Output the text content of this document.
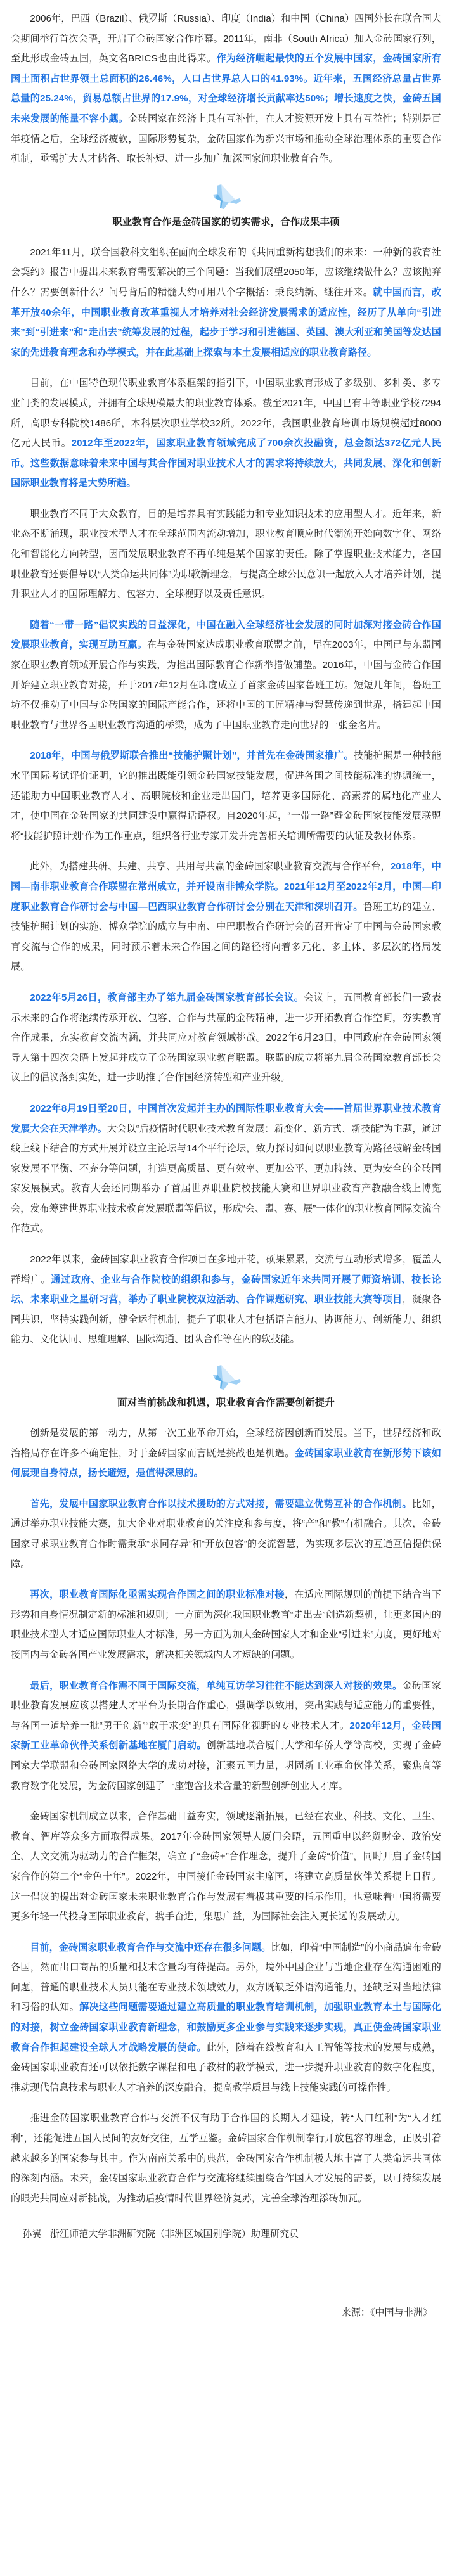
2006年，巴西（Brazil）、俄罗斯（Russia）、印度（India）和中国（China）四国外长在联合国大会期间举行首次会晤，开启了金砖国家合作序幕。2011年，南非（South Africa）加入金砖国家行列，至此形成金砖五国，英文名BRICS也由此得来。作为经济崛起最快的五个发展中国家，金砖国家所有国土面积占世界领土总面积的26.46%，人口占世界总人口的41.93%。近年来，五国经济总量占世界总量的25.24%，贸易总额占世界的17.9%，对全球经济增长贡献率达50%；增长速度之快，金砖五国未来发展的能量不容小觑。金砖国家在经济上具有互补性，在人才资源开发上具有互益性；特别是百年疫情之后，全球经济疲软，国际形势复杂，金砖国家作为新兴市场和推动全球治理体系的重要合作机制，亟需扩大人才储备、取长补短、进一步加广加深国家间职业教育合作。

职业教育合作是金砖国家的切实需求，合作成果丰硕

2021年11月，联合国教科文组织在面向全球发布的《共同重新构想我们的未来：一种新的教育社会契约》报告中提出未来教育需要解决的三个问题：当我们展望2050年，应该继续做什么？应该抛弃什么？需要创新什么？问号背后的精髓大约可用八个字概括：秉良纳新、继往开来。就中国而言，改革开放40余年，中国职业教育改革重视人才培养对社会经济发展需求的适应性，经历了从单向“引进来”到“引进来”和“走出去”统筹发展的过程，起步于学习和引进德国、英国、澳大利亚和美国等发达国家的先进教育理念和办学模式，并在此基础上探索与本土发展相适应的职业教育路径。

目前，在中国特色现代职业教育体系框架的指引下，中国职业教育形成了多级别、多种类、多专业门类的发展模式，并拥有全球规模最大的职业教育体系。截至2021年，中国已有中等职业学校7294所，高职专科院校1486所，本科层次职业学校32所。2022年，我国职业教育培训市场规模超过8000亿元人民币。2012年至2022年，国家职业教育领域完成了700余次投融资，总金额达372亿元人民币。这些数据意味着未来中国与其合作国对职业技术人才的需求将持续放大，共同发展、深化和创新国际职业教育将是大势所趋。

职业教育不同于大众教育，目的是培养具有实践能力和专业知识技术的应用型人才。近年来，新业态不断涌现，职业技术型人才在全球范围内流动增加，职业教育顺应时代潮流开始向数字化、网络化和智能化方向转型，因而发展职业教育不再单纯是某个国家的责任。除了掌握职业技术能力，各国职业教育还要倡导以“人类命运共同体”为职教新理念，与提高全球公民意识一起放入人才培养计划，提升职业人才的国际理解力、包容力、全球视野以及责任意识。

随着“一带一路”倡议实践的日益深化，中国在融入全球经济社会发展的同时加深对接金砖合作国发展职业教育，实现互助互赢。在与金砖国家达成职业教育联盟之前，早在2003年，中国已与东盟国家在职业教育领域开展合作与实践，为推出国际教育合作新举措做铺垫。2016年，中国与金砖合作国开始建立职业教育对接，并于2017年12月在印度成立了首家金砖国家鲁班工坊。短短几年间，鲁班工坊不仅推动了中国与金砖国家的国际产能合作，还将中国的工匠精神与智慧传递到世界，搭建起中国职业教育与世界各国职业教育沟通的桥梁，成为了中国职业教育走向世界的一张金名片。

2018年，中国与俄罗斯联合推出“技能护照计划”，并首先在金砖国家推广。技能护照是一种技能水平国际考试评价证明，它的推出既能引领金砖国家技能发展，促进各国之间技能标准的协调统一，还能助力中国职业教育人才、高职院校和企业走出国门，培养更多国际化、高素养的属地化产业人才，使中国在金砖国家的共同建设中赢得话语权。自2020年起，“一带一路”暨金砖国家技能发展联盟将“技能护照计划”作为工作重点，组织各行业专家开发并完善相关培训所需要的认证及教材体系。

此外，为搭建共研、共建、共享、共用与共赢的金砖国家职业教育交流与合作平台，2018年，中国—南非职业教育合作联盟在常州成立，并开设南非博众学院。2021年12月至2022年2月，中国—印度职业教育合作研讨会与中国—巴西职业教育合作研讨会分别在天津和深圳召开。鲁班工坊的建立、技能护照计划的实施、博众学院的成立与中南、中巴职教合作研讨会的召开肯定了中国与金砖国家教育交流与合作的成果，同时预示着未来合作国之间的路径将向着多元化、多主体、多层次的格局发展。

2022年5月26日，教育部主办了第九届金砖国家教育部长会议。会议上，五国教育部长们一致表示未来的合作将继续传承开放、包容、合作与共赢的金砖精神，进一步开拓教育合作空间，夯实教育合作成果，充实教育交流内涵，并共同应对教育领域挑战。2022年6月23日，中国政府在金砖国家领导人第十四次会晤上发起并成立了金砖国家职业教育联盟。联盟的成立将第九届金砖国家教育部长会议上的倡议落到实处，进一步助推了合作国经济转型和产业升级。

2022年8月19日至20日，中国首次发起并主办的国际性职业教育大会——首届世界职业技术教育发展大会在天津举办。大会以“后疫情时代职业技术教育发展：新变化、新方式、新技能”为主题，通过线上线下结合的方式开展并设立主论坛与14个平行论坛，致力探讨如何以职业教育为路径破解金砖国家发展不平衡、不充分等问题，打造更高质量、更有效率、更加公平、更加持续、更为安全的金砖国家发展模式。教育大会还同期举办了首届世界职业院校技能大赛和世界职业教育产教融合线上博览会，发布筹建世界职业技术教育发展联盟等倡议，形成“会、盟、赛、展”一体化的职业教育国际交流合作范式。

2022年以来，金砖国家职业教育合作项目在多地开花，硕果累累，交流与互动形式增多，覆盖人群增广。通过政府、企业与合作院校的组织和参与，金砖国家近年来共同开展了师资培训、校长论坛、未来职业之星研习营，举办了职业院校双边活动、合作课题研究、职业技能大赛等项目，凝聚各国共识，坚持实践创新，健全运行机制，提升了职业人才包括语言能力、协调能力、创新能力、组织能力、文化认同、思维理解、国际沟通、团队合作等在内的软技能。

面对当前挑战和机遇，职业教育合作需要创新提升

创新是发展的第一动力，从第一次工业革命开始，全球经济因创新而发展。当下，世界经济和政治格局存在许多不确定性，对于金砖国家而言既是挑战也是机遇。金砖国家职业教育在新形势下该如何展现自身特点，扬长避短，是值得深思的。

首先，发展中国家职业教育合作以技术援助的方式对接，需要建立优势互补的合作机制。比如，通过举办职业技能大赛，加大企业对职业教育的关注度和参与度，将“产”和“教”有机融合。其次，金砖国家寻求职业教育合作时需秉承“求同存异”和“开放包容”的交流智慧，为实现多层次的互通互信提供保障。

再次，职业教育国际化亟需实现合作国之间的职业标准对接，在适应国际规则的前提下结合当下形势和自身情况制定新的标准和规则；一方面为深化我国职业教育“走出去”创造新契机，让更多国内的职业技术型人才适应国际职业人才标准，另一方面为加大金砖国家人才和企业“引进来”力度，更好地对接国内与金砖各国产业发展需求，解决相关领域内人才短缺的问题。

最后，职业教育合作需不同于国际交流，单纯互访学习往往不能达到深入对接的效果。金砖国家职业教育发展应该以搭建人才平台为长期合作重心，强调学以致用，突出实践与适应能力的重要性，与各国一道培养一批“勇于创新”“敢于求变”的具有国际化视野的专业技术人才。2020年12月，金砖国家新工业革命伙伴关系创新基地在厦门启动。创新基地联合厦门大学和华侨大学等高校，实现了金砖国家大学联盟和金砖国家网络大学的成功对接，汇聚五国力量，巩固新工业革命伙伴关系，聚焦高等教育数字化发展，为金砖国家创建了一座饱含技术含量的新型创新创业人才库。

金砖国家机制成立以来，合作基础日益夯实，领域逐渐拓展，已经在农业、科技、文化、卫生、教育、智库等众多方面取得成果。2017年金砖国家领导人厦门会晤，五国重申以经贸财金、政治安全、人文交流为驱动力的合作框架，确立了“金砖+”合作理念，提升了金砖“价值”，同时开启了金砖国家合作的第二个“金色十年”。2022年，中国接任金砖国家主席国，将建立高质量伙伴关系提上日程。这一倡议的提出对金砖国家未来职业教育合作与发展有着极其重要的指示作用，也意味着中国将需要更多年轻一代投身国际职业教育，携手奋进，集思广益，为国际社会注入更长远的发展动力。

目前，金砖国家职业教育合作与交流中还存在很多问题。比如，印着“中国制造”的小商品遍布金砖各国，然而出口商品的质量和技术含量均有待提高。另外，境外中国企业与当地企业存在沟通困难的问题，普通的职业技术人员只能在专业技术领域效力，双方既缺乏外语沟通能力，还缺乏对当地法律和习俗的认知。解决这些问题需要通过建立高质量的职业教育培训机制，加强职业教育本土与国际化的对接，树立金砖国家职业教育新理念，和鼓励更多企业参与实践来逐步实现，真正使金砖国家职业教育合作担起建设全球人才战略发展的使命。此外，随着在线教育和人工智能等技术的发展与成熟，金砖国家职业教育还可以依托数字课程和电子教材的教学模式，进一步提升职业教育的数字化程度，推动现代信息技术与职业人才培养的深度融合，提高教学质量与线上技能实践的可操作性。

推进金砖国家职业教育合作与交流不仅有助于合作国的长期人才建设，转“人口红利”为“人才红利”，还能促进五国人民间的友好交往，互学互鉴。金砖国家合作机制奉行开放包容的理念，正吸引着越来越多的国家参与其中。作为南南关系中的典范，金砖国家合作机制极大地丰富了人类命运共同体的深刻内涵。未来，金砖国家职业教育合作与交流将继续围绕合作国人才发展的需要，以可持续发展的眼光共同应对新挑战，为推动后疫情时代世界经济复苏，完善全球治理添砖加瓦。

孙翼 浙江师范大学非洲研究院（非洲区域国别学院）助理研究员
来源：《中国与非洲》
